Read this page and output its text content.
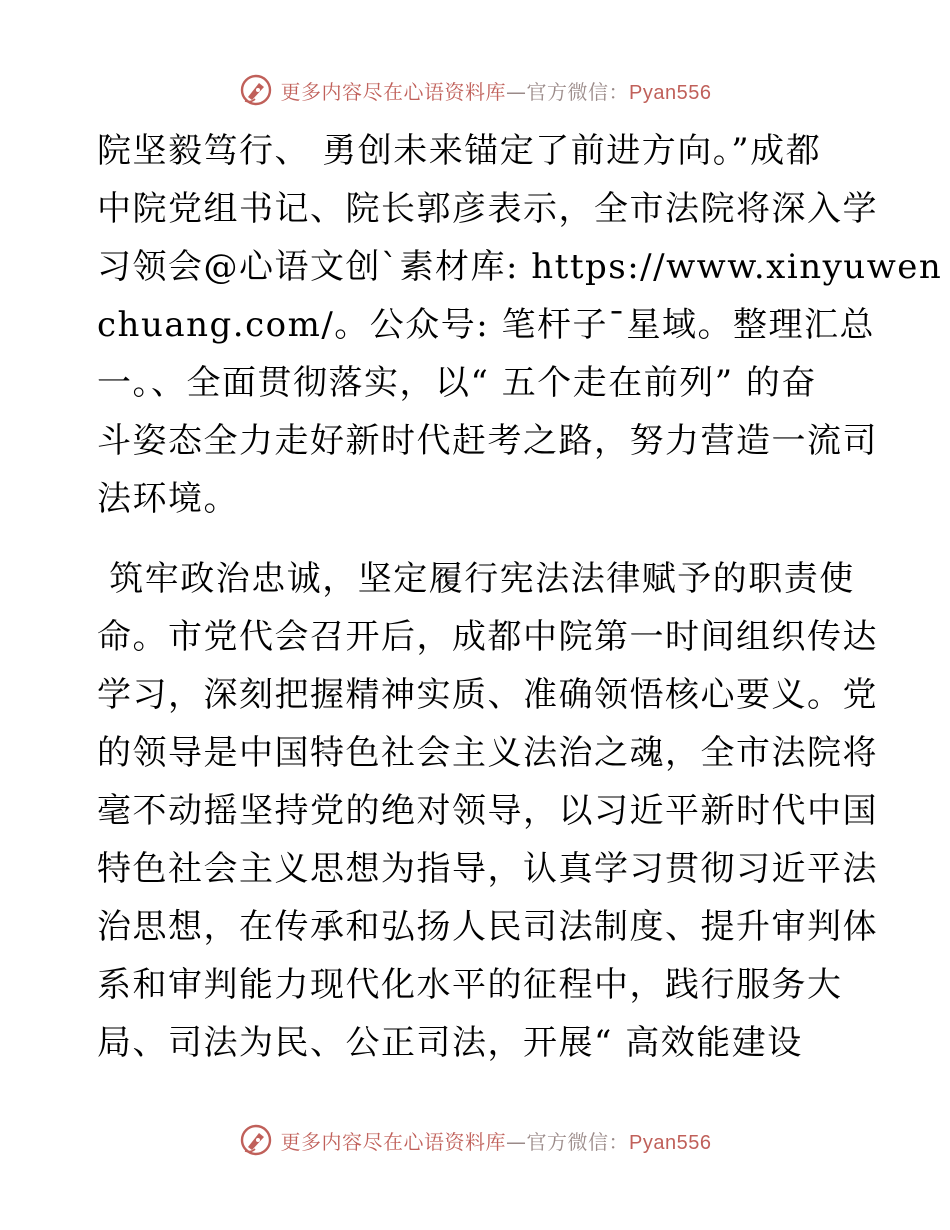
更多内容尽在心语资料库—官方微信：Pyan556
院坚毅笃行、 勇创未来锚定了前进方向。”成都
中院党组书记、院长郭彦表示，全市法院将深入学
习领会@心语文创`素材库: https://www.xinyuwen
chuang.com/。公众号: 笔杆子¯星域。整理汇总
一。、全面贯彻落实，以“ 五个走在前列” 的奋
斗姿态全力走好新时代赶考之路，努力营造一流司
法环境。
筑牢政治忠诚，坚定履行宪法法律赋予的职责使
命。市党代会召开后，成都中院第一时间组织传达
学习，深刻把握精神实质、准确领悟核心要义。党
的领导是中国特色社会主义法治之魂，全市法院将
毫不动摇坚持党的绝对领导，以习近平新时代中国
特色社会主义思想为指导，认真学习贯彻习近平法
治思想，在传承和弘扬人民司法制度、提升审判体
系和审判能力现代化水平的征程中，践行服务大
局、司法为民、公正司法，开展“ 高效能建设
更多内容尽在心语资料库—官方微信：Pyan556
